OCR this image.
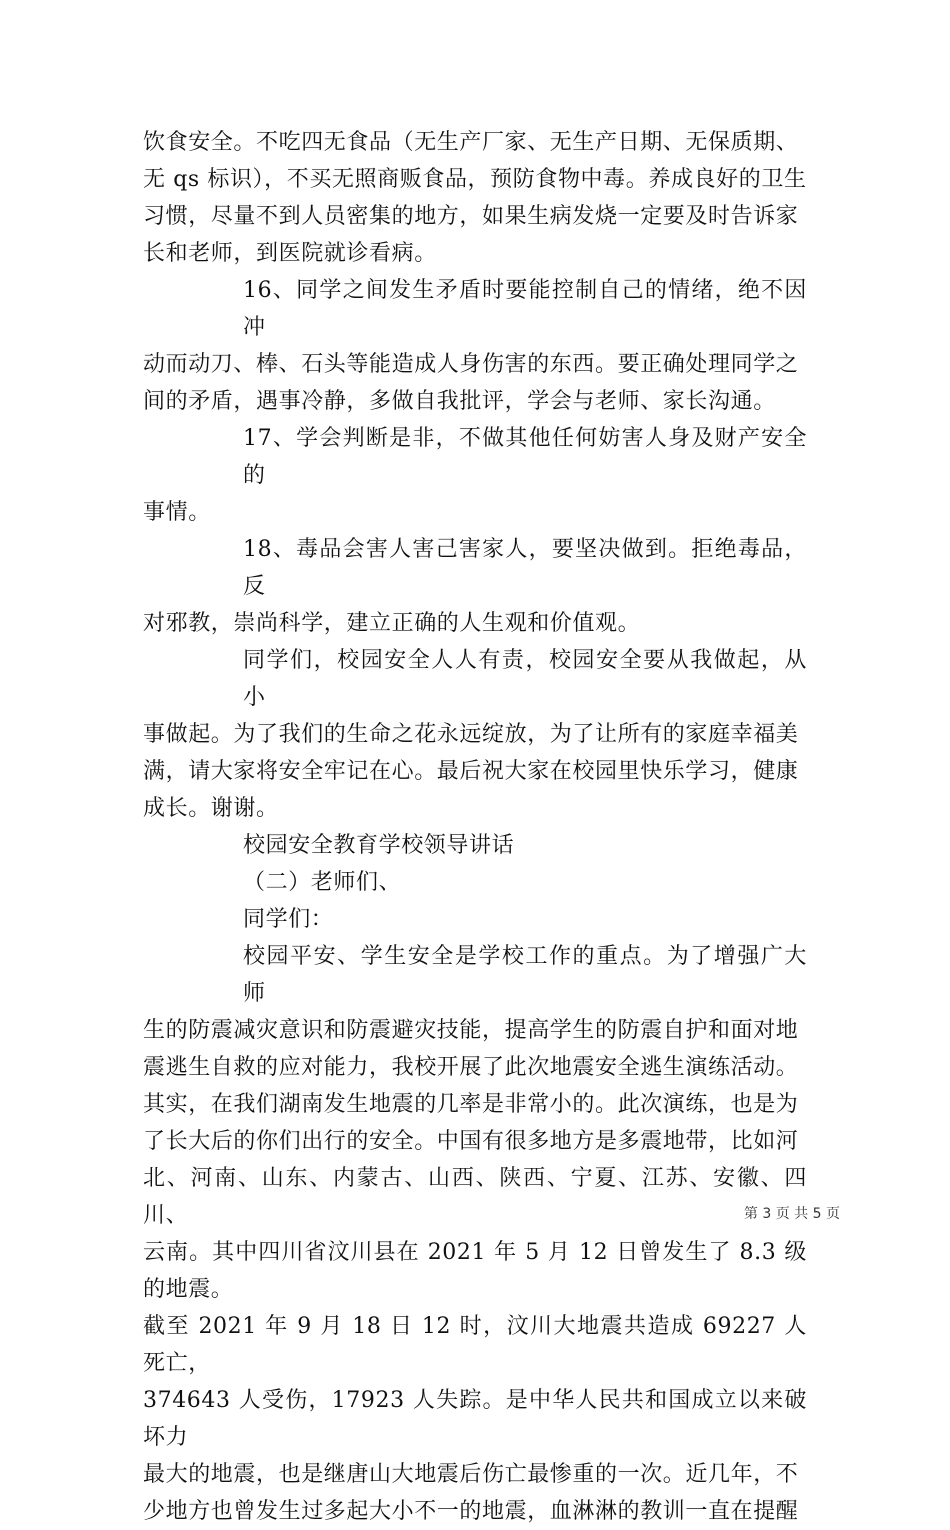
饮食安全。不吃四无食品（无生产厂家、无生产日期、无保质期、
无 qs 标识），不买无照商贩食品，预防食物中毒。养成良好的卫生
习惯，尽量不到人员密集的地方，如果生病发烧一定要及时告诉家
长和老师，到医院就诊看病。
16、同学之间发生矛盾时要能控制自己的情绪，绝不因冲
动而动刀、棒、石头等能造成人身伤害的东西。要正确处理同学之
间的矛盾，遇事冷静，多做自我批评，学会与老师、家长沟通。
17、学会判断是非，不做其他任何妨害人身及财产安全的
事情。
18、毒品会害人害己害家人，要坚决做到。拒绝毒品，反
对邪教，崇尚科学，建立正确的人生观和价值观。
同学们，校园安全人人有责，校园安全要从我做起，从小
事做起。为了我们的生命之花永远绽放，为了让所有的家庭幸福美
满，请大家将安全牢记在心。最后祝大家在校园里快乐学习，健康
成长。谢谢。
校园安全教育学校领导讲话
（二）老师们、
同学们：
校园平安、学生安全是学校工作的重点。为了增强广大师
生的防震减灾意识和防震避灾技能，提高学生的防震自护和面对地
震逃生自救的应对能力，我校开展了此次地震安全逃生演练活动。
其实，在我们湖南发生地震的几率是非常小的。此次演练，也是为
了长大后的你们出行的安全。中国有很多地方是多震地带，比如河
北、河南、山东、内蒙古、山西、陕西、宁夏、江苏、安徽、四川、
云南。其中四川省汶川县在 2021 年 5 月 12 日曾发生了 8.3 级的地震。
截至 2021 年 9 月 18 日 12 时，汶川大地震共造成 69227 人死亡，
374643 人受伤，17923 人失踪。是中华人民共和国成立以来破坏力
最大的地震，也是继唐山大地震后伤亡最惨重的一次。近几年，不
少地方也曾发生过多起大小不一的地震，血淋淋的教训一直在提醒
第 3 页 共 5 页
